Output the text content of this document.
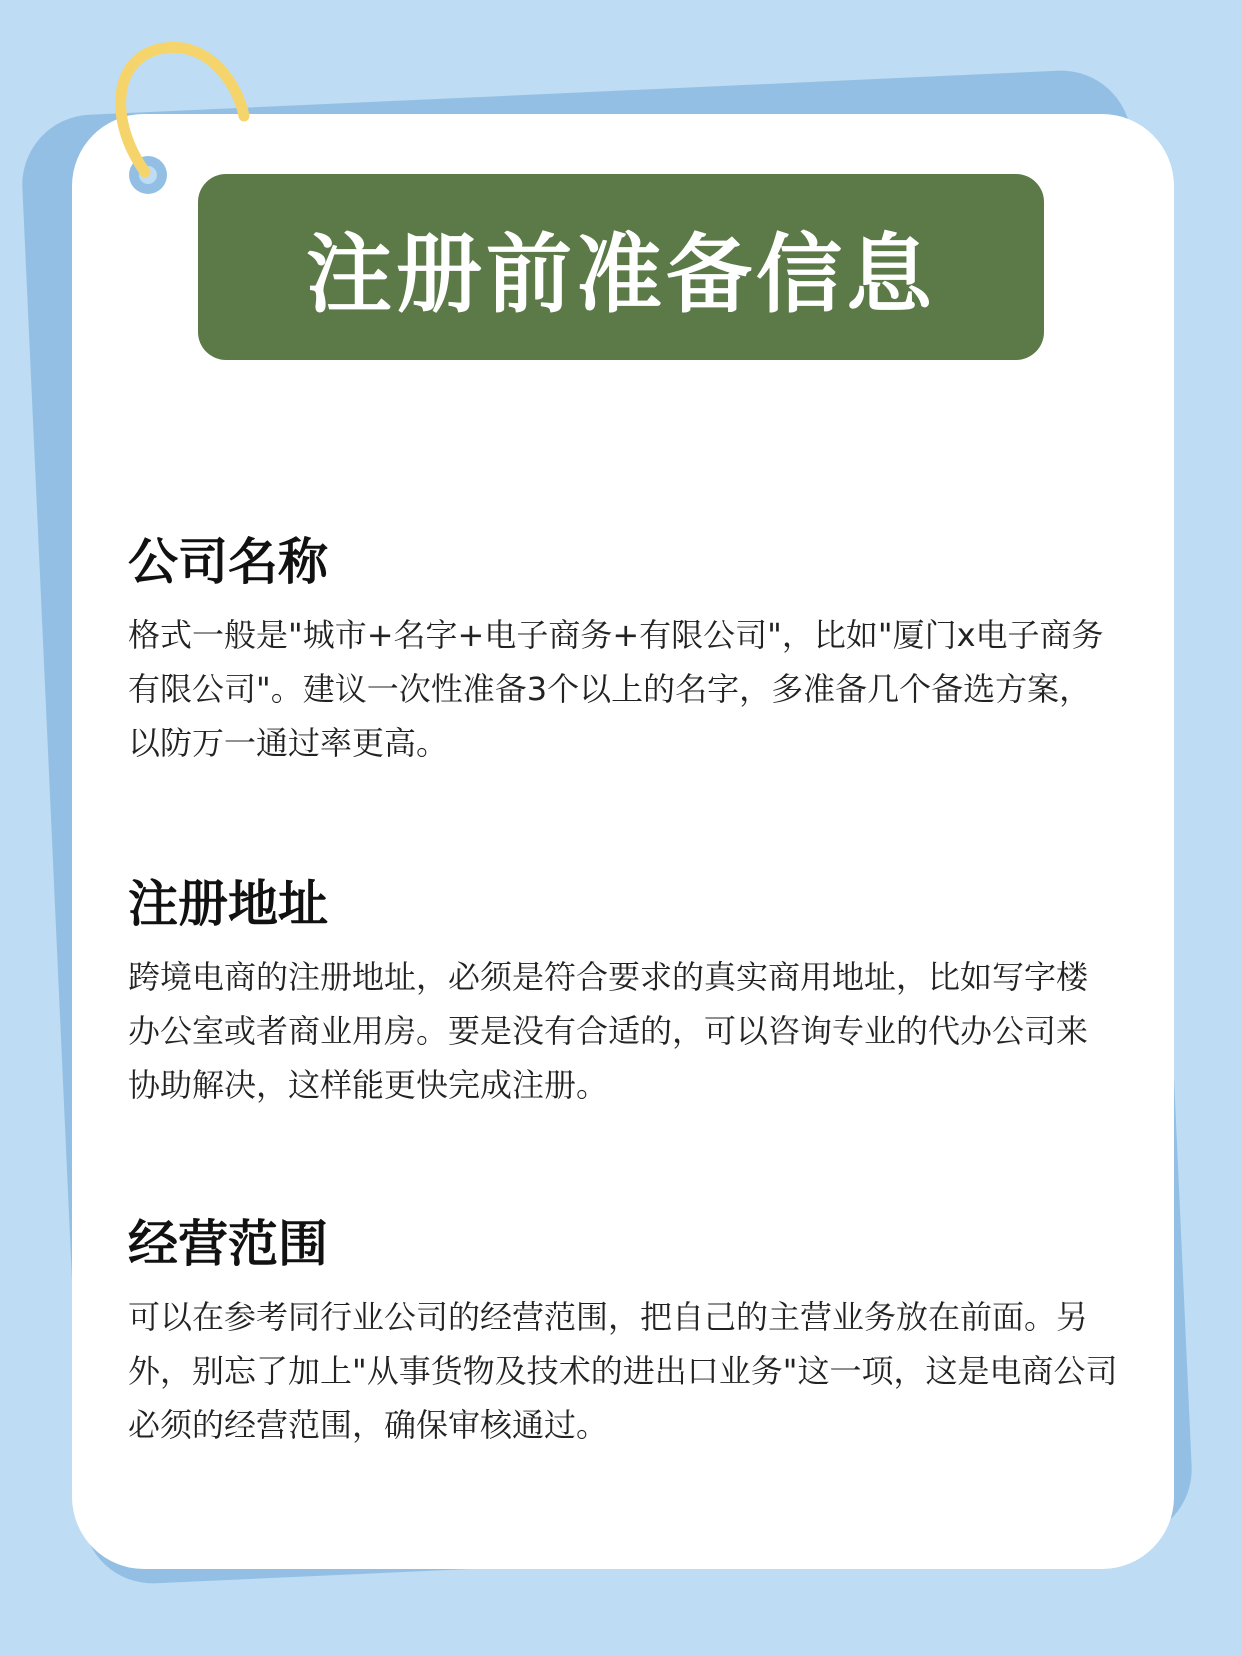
注册前准备信息
公司名称

格式一般是"城市+名字+电子商务+有限公司"，比如"厦门x电子商务有限公司"。建议一次性准备3个以上的名字，多准备几个备选方案，以防万一通过率更高。

注册地址

跨境电商的注册地址，必须是符合要求的真实商用地址，比如写字楼办公室或者商业用房。要是没有合适的，可以咨询专业的代办公司来协助解决，这样能更快完成注册。

经营范围

可以在参考同行业公司的经营范围，把自己的主营业务放在前面。另外，别忘了加上"从事货物及技术的进出口业务"这一项，这是电商公司必须的经营范围，确保审核通过。
